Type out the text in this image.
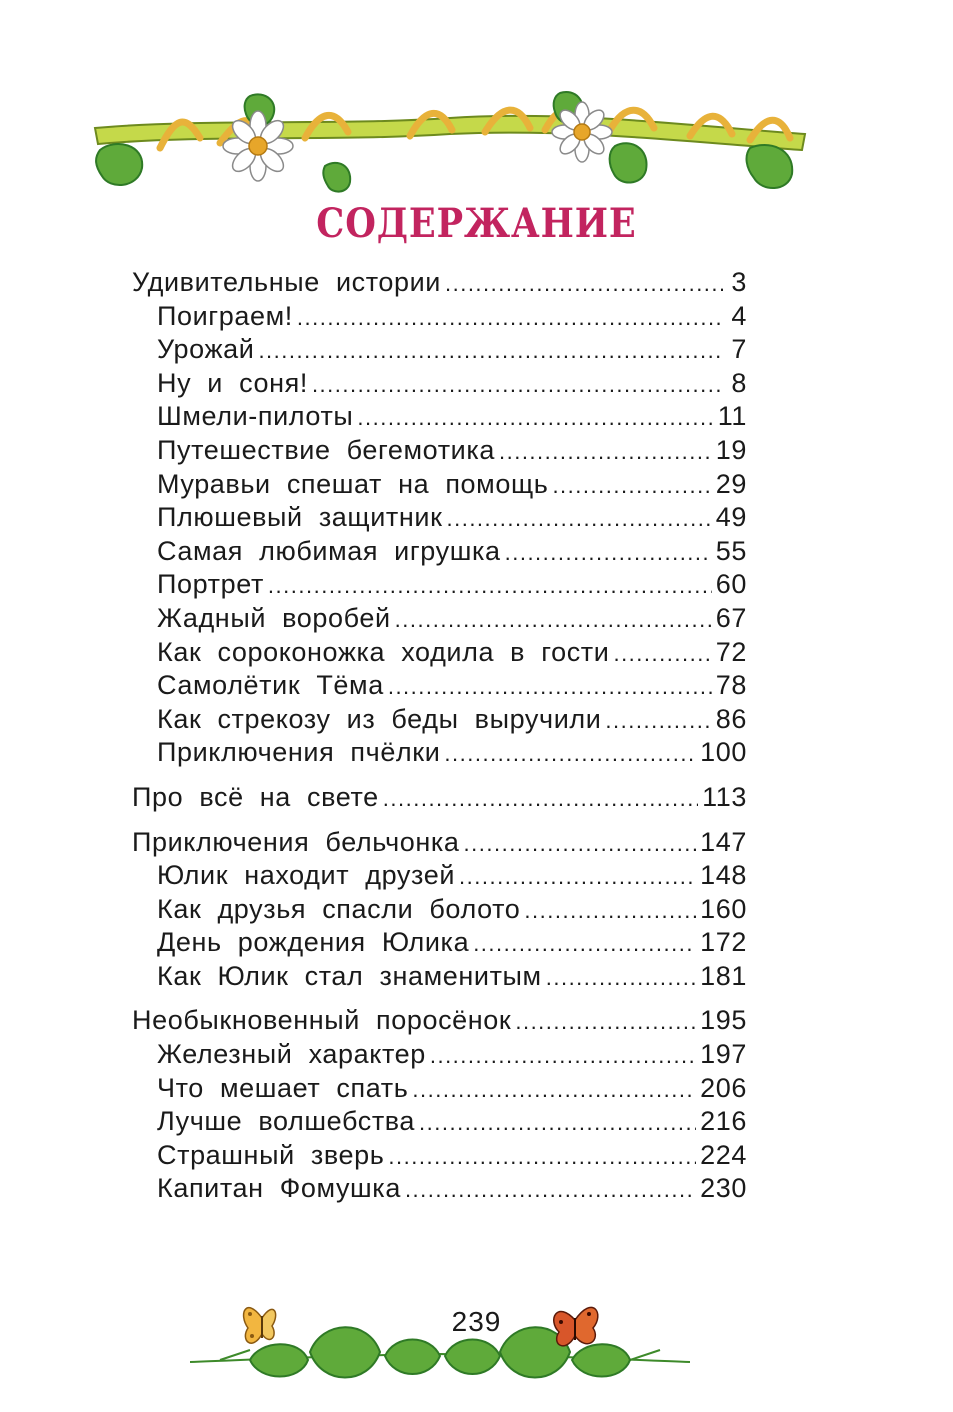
СОДЕРЖАНИЕ
Удивительные истории .....	3
Поиграем! .....	4
Урожай .....	7
Ну и соня! .....	8
Шмели-пилоты .....	11
Путешествие бегемотика .....	19
Муравьи спешат на помощь .....	29
Плюшевый защитник .....	49
Самая любимая игрушка .....	55
Портрет .....	60
Жадный воробей .....	67
Как сороконожка ходила в гости .....	72
Самолётик Тёма .....	78
Как стрекозу из беды выручили .....	86
Приключения пчёлки .....	100
Про всё на свете .....	113
Приключения бельчонка .....	147
Юлик находит друзей .....	148
Как друзья спасли болото .....	160
День рождения Юлика .....	172
Как Юлик стал знаменитым .....	181
Необыкновенный поросёнок .....	195
Железный характер .....	197
Что мешает спать .....	206
Лучше волшебства .....	216
Страшный зверь .....	224
Капитан Фомушка .....	230
239
